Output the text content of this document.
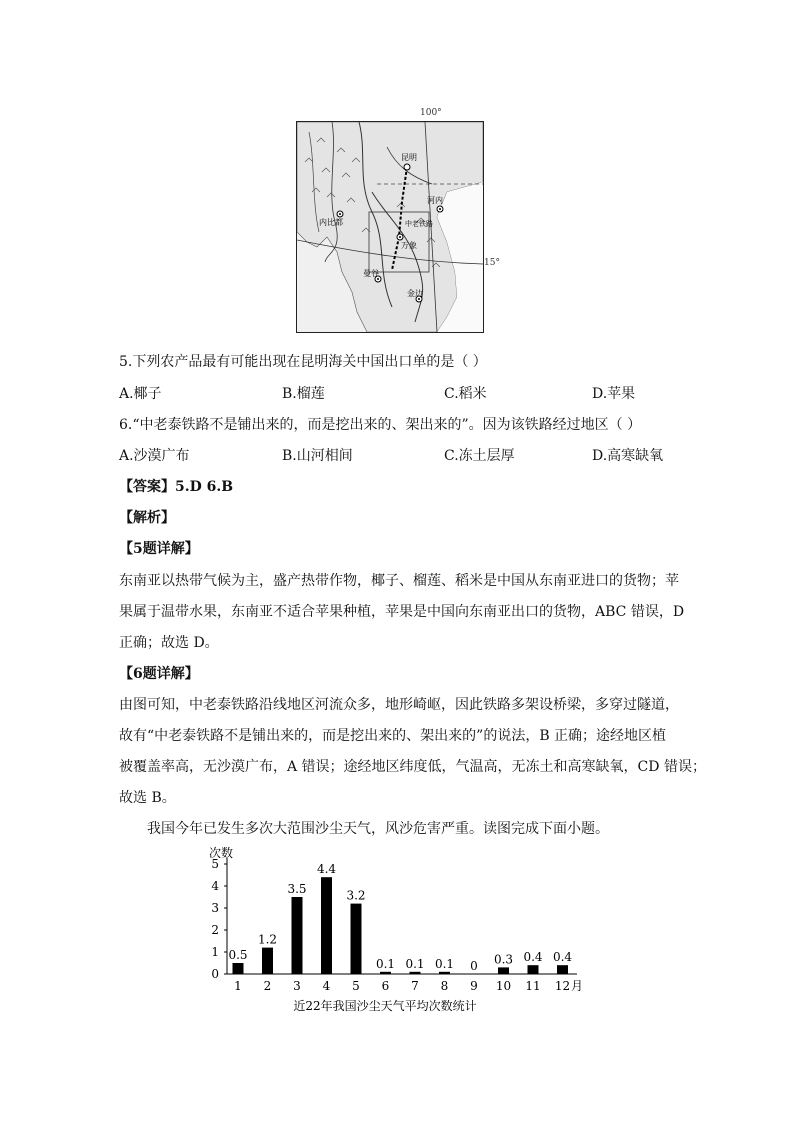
100°
昆明
内比都
河内
中老铁路
万象
曼谷
金边
15°
5.下列农产品最有可能出现在昆明海关中国出口单的是（ ）
A.椰子	B.榴莲	C.稻米	D.苹果
6.“中老泰铁路不是铺出来的，而是挖出来的、架出来的”。因为该铁路经过地区（ ）
A.沙漠广布	B.山河相间	C.冻土层厚	D.高寒缺氧
【答案】5.D 6.B
【解析】
【5题详解】
东南亚以热带气候为主，盛产热带作物，椰子、榴莲、稻米是中国从东南亚进口的货物；苹
果属于温带水果，东南亚不适合苹果种植，苹果是中国向东南亚出口的货物，ABC 错误，D
正确；故选 D。
【6题详解】
由图可知，中老泰铁路沿线地区河流众多，地形崎岖，因此铁路多架设桥梁，多穿过隧道，
故有“中老泰铁路不是铺出来的，而是挖出来的、架出来的”的说法，B 正确；途经地区植
被覆盖率高，无沙漠广布，A 错误；途经地区纬度低，气温高，无冻土和高寒缺氧，CD 错误；
故选 B。
我国今年已发生多次大范围沙尘天气，风沙危害严重。读图完成下面小题。
次数
0
1
2
3
4
5
0.5
1.2
3.5
4.4
3.2
0.1 0.1 0.1 0 0.3 0.4 0.4
1 2 3 4 5 6 7 8 9 10 11 12 月
近22年我国沙尘天气平均次数统计
